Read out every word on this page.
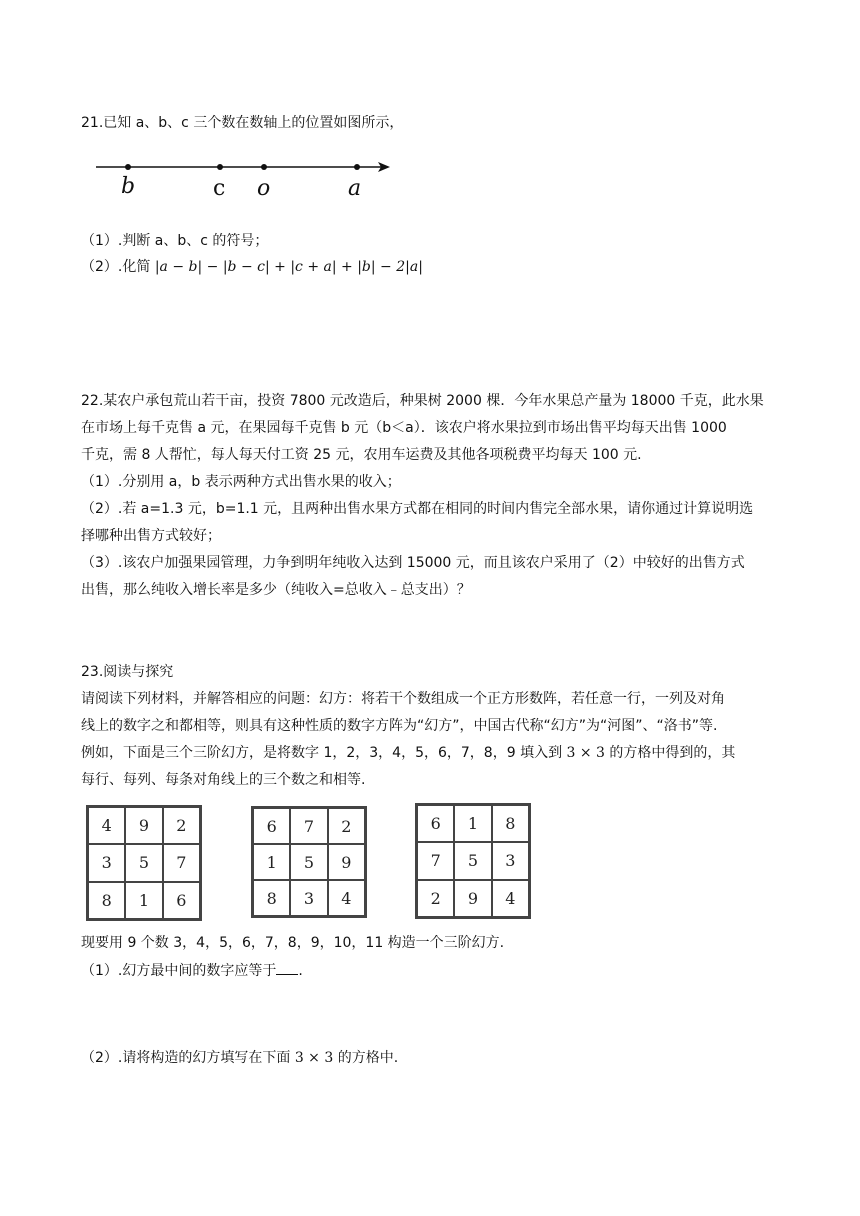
21.已知 a、b、c 三个数在数轴上的位置如图所示，
b	c o	a
（1）.判断 a、b、c 的符号；
（2）.化简 |a − b| − |b − c| + |c + a| + |b| − 2|a|
22.某农户承包荒山若干亩，投资 7800 元改造后，种果树 2000 棵．今年水果总产量为 18000 千克，此水果
在市场上每千克售 a 元，在果园每千克售 b 元（b＜a）．该农户将水果拉到市场出售平均每天出售 1000
千克，需 8 人帮忙，每人每天付工资 25 元，农用车运费及其他各项税费平均每天 100 元.
（1）.分别用 a，b 表示两种方式出售水果的收入；
（2）.若 a=1.3 元，b=1.1 元，且两种出售水果方式都在相同的时间内售完全部水果，请你通过计算说明选
择哪种出售方式较好；
（3）.该农户加强果园管理，力争到明年纯收入达到 15000 元，而且该农户采用了（2）中较好的出售方式
出售，那么纯收入增长率是多少（纯收入=总收入﹣总支出）？
23.阅读与探究
请阅读下列材料，并解答相应的问题：幻方：将若干个数组成一个正方形数阵，若任意一行，一列及对角
线上的数字之和都相等，则具有这种性质的数字方阵为“幻方”，中国古代称“幻方”为“河图”、“洛书”等.
例如，下面是三个三阶幻方，是将数字 1，2，3，4，5，6，7，8，9 填入到 3 × 3 的方格中得到的，其
每行、每列、每条对角线上的三个数之和相等.
4	9	2
3	5	7
8	1	6
6	7	2
1	5	9
8	3	4
6	1	8
7	5	3
2	9	4
现要用 9 个数 3，4，5，6，7，8，9，10，11 构造一个三阶幻方.
（1）.幻方最中间的数字应等于 .
（2）.请将构造的幻方填写在下面 3 × 3 的方格中.
